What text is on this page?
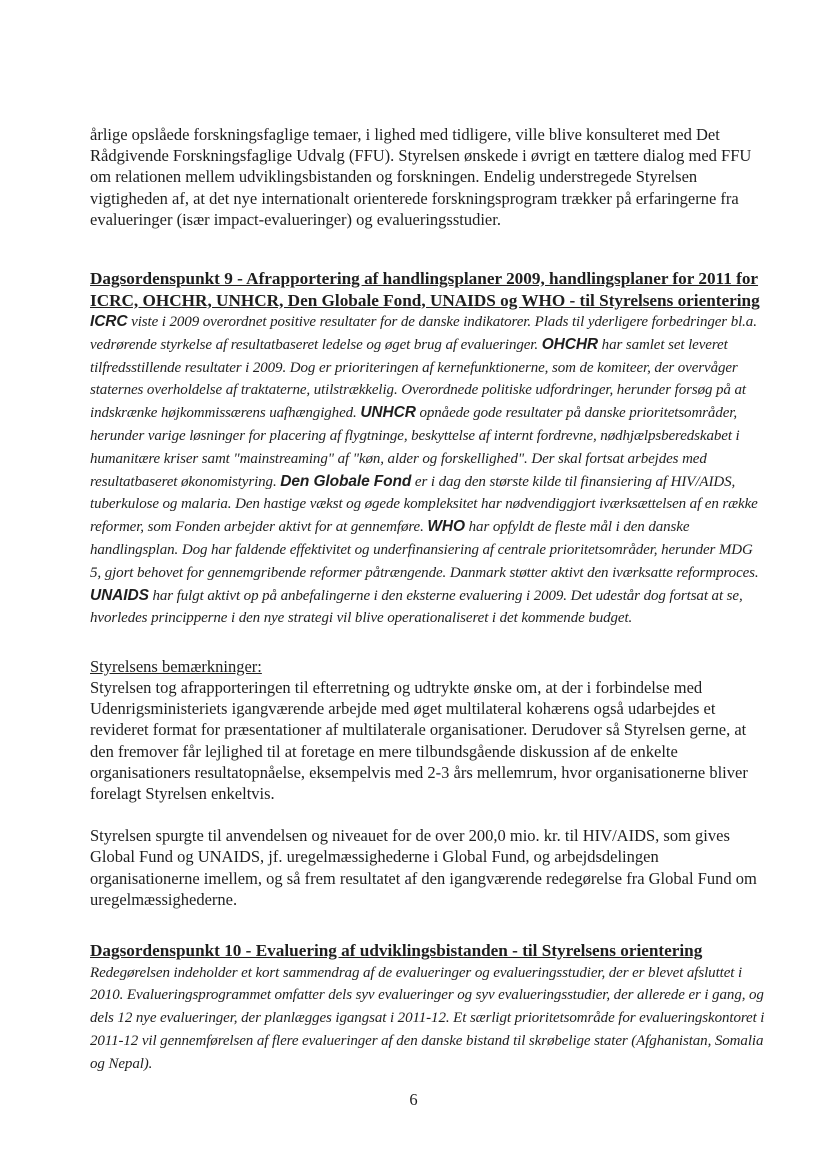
årlige opslåede forskningsfaglige temaer, i lighed med tidligere, ville blive konsulteret med Det Rådgivende Forskningsfaglige Udvalg (FFU). Styrelsen ønskede i øvrigt en tættere dialog med FFU om relationen mellem udviklingsbistanden og forskningen. Endelig understregede Styrelsen vigtigheden af, at det nye internationalt orienterede forskningsprogram trækker på erfaringerne fra evalueringer (især impact-evalueringer) og evalueringsstudier.

Dagsordenspunkt 9 - Afrapportering af handlingsplaner 2009, handlingsplaner for 2011 for ICRC, OHCHR, UNHCR, Den Globale Fond, UNAIDS og WHO - til Styrelsens orientering

ICRC viste i 2009 overordnet positive resultater for de danske indikatorer. Plads til yderligere forbedringer bl.a. vedrørende styrkelse af resultatbaseret ledelse og øget brug af evalueringer. OHCHR har samlet set leveret tilfredsstillende resultater i 2009. Dog er prioriteringen af kernefunktionerne, som de komiteer, der overvåger staternes overholdelse af traktaterne, utilstrækkelig. Overordnede politiske udfordringer, herunder forsøg på at indskrænke højkommissærens uafhængighed. UNHCR opnåede gode resultater på danske prioritetsområder, herunder varige løsninger for placering af flygtninge, beskyttelse af internt fordrevne, nødhjælpsberedskabet i humanitære kriser samt "mainstreaming" af "køn, alder og forskellighed". Der skal fortsat arbejdes med resultatbaseret økonomistyring. Den Globale Fond er i dag den største kilde til finansiering af HIV/AIDS, tuberkulose og malaria. Den hastige vækst og øgede kompleksitet har nødvendiggjort iværksættelsen af en række reformer, som Fonden arbejder aktivt for at gennemføre. WHO har opfyldt de fleste mål i den danske handlingsplan. Dog har faldende effektivitet og underfinansiering af centrale prioritetsområder, herunder MDG 5, gjort behovet for gennemgribende reformer påtrængende. Danmark støtter aktivt den iværksatte reformproces. UNAIDS har fulgt aktivt op på anbefalingerne i den eksterne evaluering i 2009. Det udestår dog fortsat at se, hvorledes principperne i den nye strategi vil blive operationaliseret i det kommende budget.

Styrelsens bemærkninger:

Styrelsen tog afrapporteringen til efterretning og udtrykte ønske om, at der i forbindelse med Udenrigsministeriets igangværende arbejde med øget multilateral kohærens også udarbejdes et revideret format for præsentationer af multilaterale organisationer. Derudover så Styrelsen gerne, at den fremover får lejlighed til at foretage en mere tilbundsgående diskussion af de enkelte organisationers resultatopnåelse, eksempelvis med 2-3 års mellemrum, hvor organisationerne bliver forelagt Styrelsen enkeltvis.

Styrelsen spurgte til anvendelsen og niveauet for de over 200,0 mio. kr. til HIV/AIDS, som gives Global Fund og UNAIDS, jf. uregelmæssighederne i Global Fund, og arbejdsdelingen organisationerne imellem, og så frem resultatet af den igangværende redegørelse fra Global Fund om uregelmæssighederne.

Dagsordenspunkt 10 - Evaluering af udviklingsbistanden - til Styrelsens orientering

Redegørelsen indeholder et kort sammendrag af de evalueringer og evalueringsstudier, der er blevet afsluttet i 2010. Evalueringsprogrammet omfatter dels syv evalueringer og syv evalueringsstudier, der allerede er i gang, og dels 12 nye evalueringer, der planlægges igangsat i 2011-12. Et særligt prioritetsområde for evalueringskontoret i 2011-12 vil gennemførelsen af flere evalueringer af den danske bistand til skrøbelige stater (Afghanistan, Somalia og Nepal).

6
